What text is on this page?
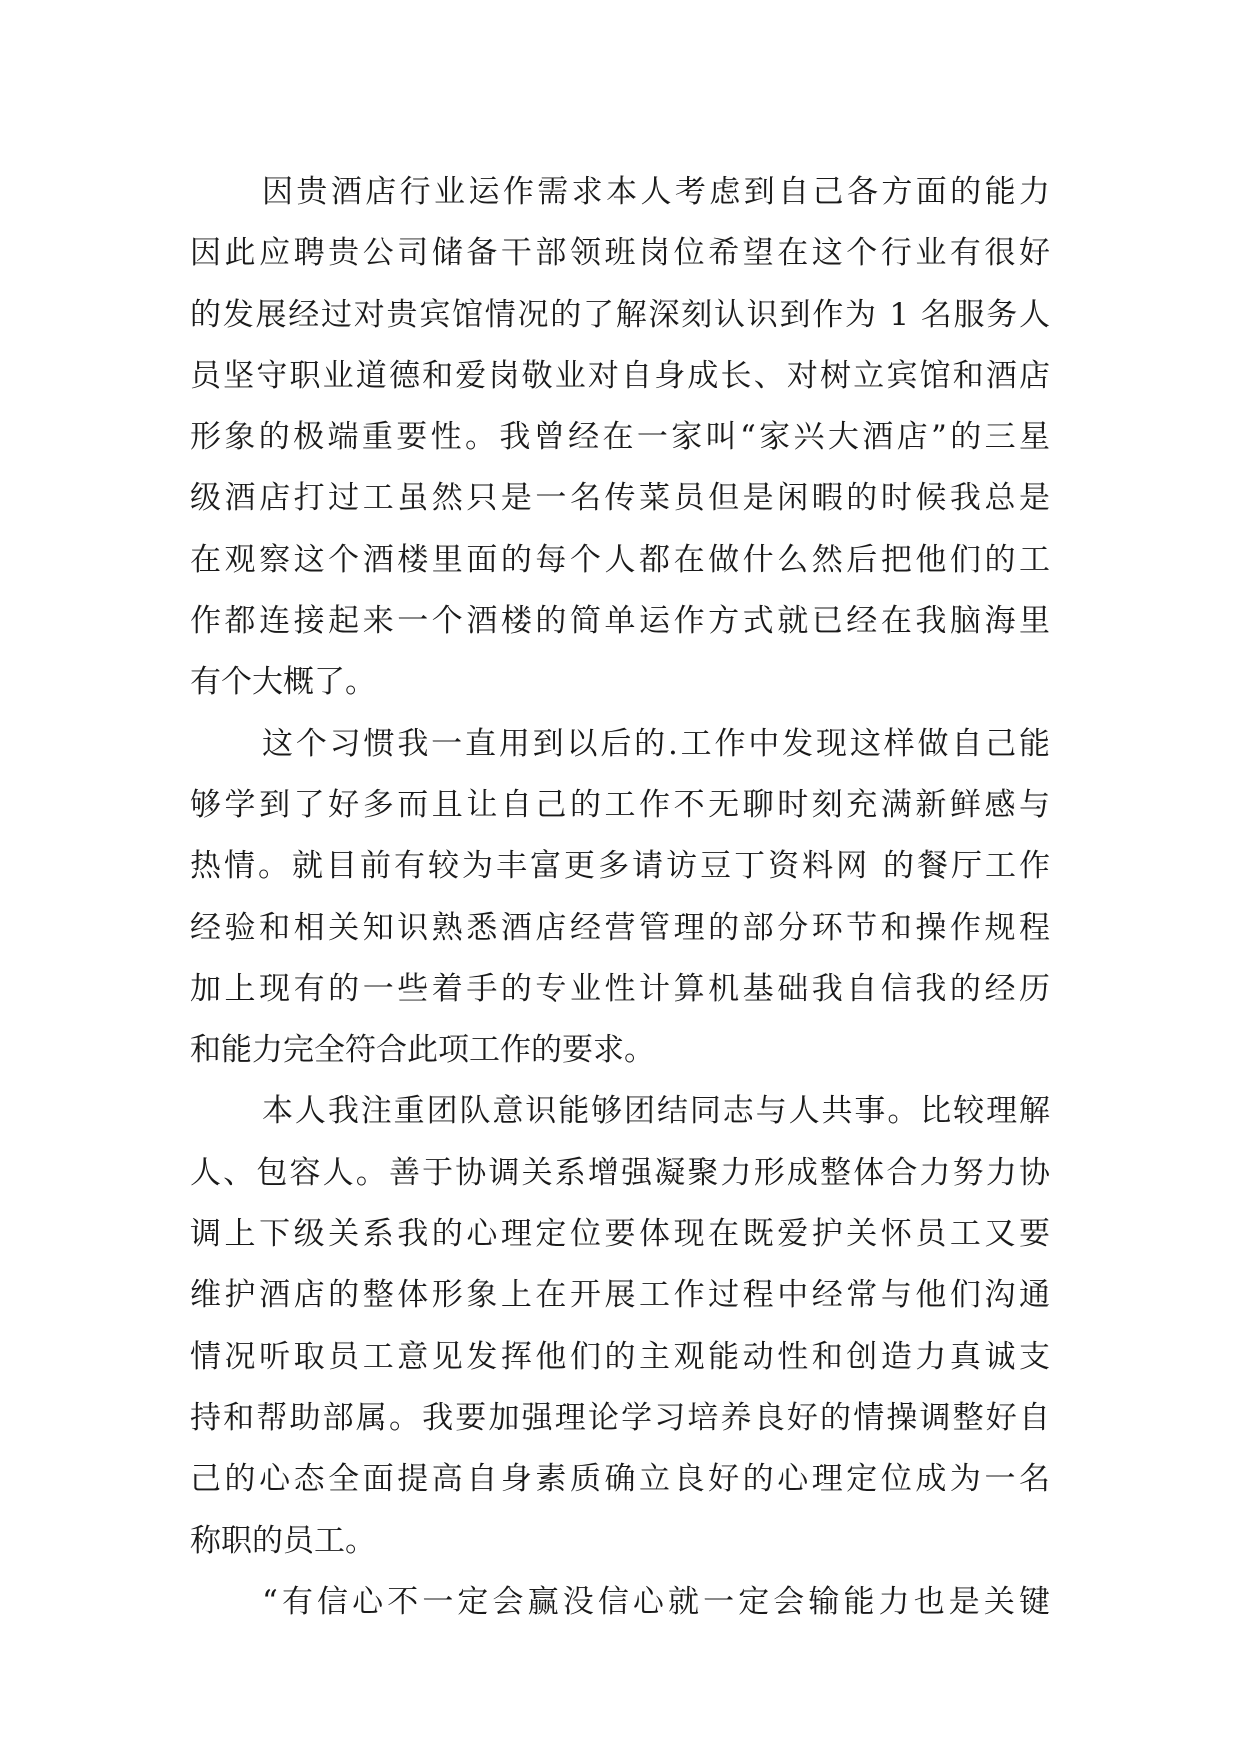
因贵酒店行业运作需求本人考虑到自己各方面的能力
因此应聘贵公司储备干部领班岗位希望在这个行业有很好
的发展经过对贵宾馆情况的了解深刻认识到作为 1 名服务人
员坚守职业道德和爱岗敬业对自身成长、对树立宾馆和酒店
形象的极端重要性。我曾经在一家叫“家兴大酒店”的三星
级酒店打过工虽然只是一名传菜员但是闲暇的时候我总是
在观察这个酒楼里面的每个人都在做什么然后把他们的工
作都连接起来一个酒楼的简单运作方式就已经在我脑海里
有个大概了。
这个习惯我一直用到以后的.工作中发现这样做自己能
够学到了好多而且让自己的工作不无聊时刻充满新鲜感与
热情。就目前有较为丰富更多请访豆丁资料网 的餐厅工作
经验和相关知识熟悉酒店经营管理的部分环节和操作规程
加上现有的一些着手的专业性计算机基础我自信我的经历
和能力完全符合此项工作的要求。
本人我注重团队意识能够团结同志与人共事。比较理解
人、包容人。善于协调关系增强凝聚力形成整体合力努力协
调上下级关系我的心理定位要体现在既爱护关怀员工又要
维护酒店的整体形象上在开展工作过程中经常与他们沟通
情况听取员工意见发挥他们的主观能动性和创造力真诚支
持和帮助部属。我要加强理论学习培养良好的情操调整好自
己的心态全面提高自身素质确立良好的心理定位成为一名
称职的员工。
“有信心不一定会赢没信心就一定会输能力也是关键
